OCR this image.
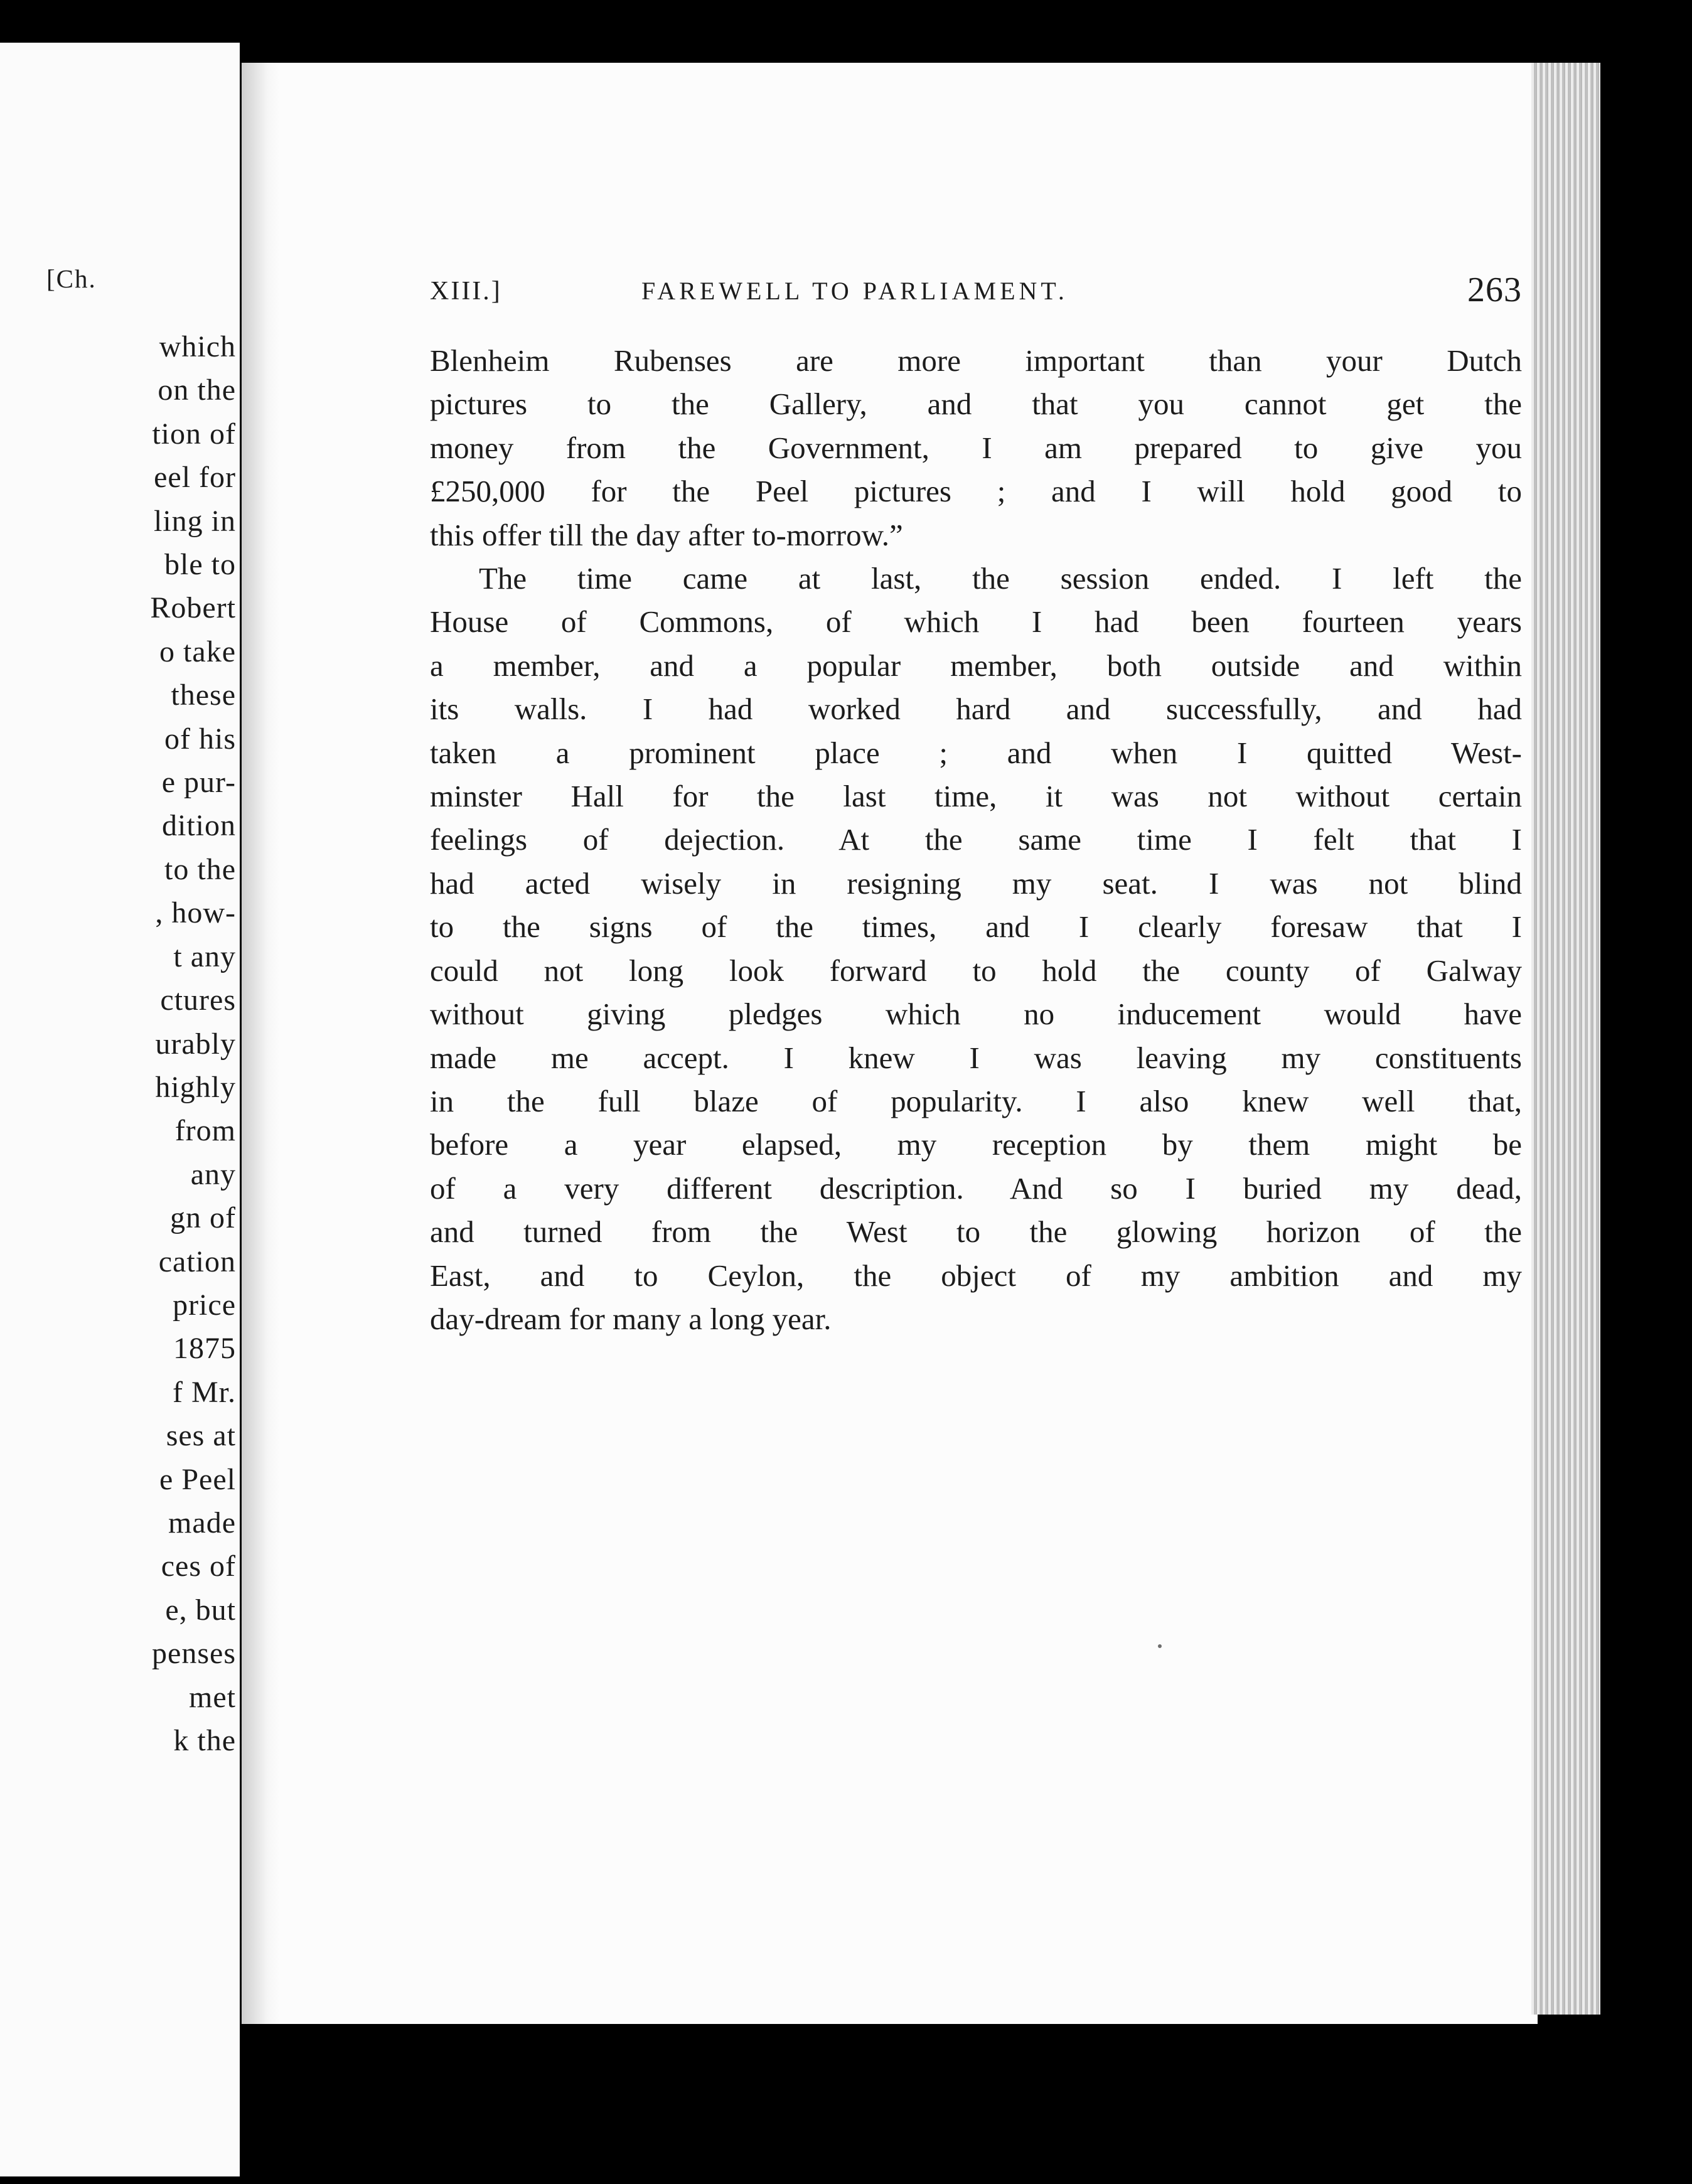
[Ch.
which
on the
tion of
eel for
ling in
ble to
Robert
o take
these
of his
e pur-
dition
to the
, how-
t any
ctures
urably
highly
from
any
gn of
cation
price
1875
f Mr.
ses at
e Peel
made
ces of
e, but
penses
met
k the
XIII.]	FAREWELL TO PARLIAMENT.	263

Blenheim Rubenses are more important than your Dutch
pictures to the Gallery, and that you cannot get the
money from the Government, I am prepared to give you
£250,000 for the Peel pictures ; and I will hold good to
this offer till the day after to-morrow.”

The time came at last, the session ended. I left the
House of Commons, of which I had been fourteen years
a member, and a popular member, both outside and within
its walls. I had worked hard and successfully, and had
taken a prominent place ; and when I quitted West-
minster Hall for the last time, it was not without certain
feelings of dejection. At the same time I felt that I
had acted wisely in resigning my seat. I was not blind
to the signs of the times, and I clearly foresaw that I
could not long look forward to hold the county of Galway
without giving pledges which no inducement would have
made me accept. I knew I was leaving my constituents
in the full blaze of popularity. I also knew well that,
before a year elapsed, my reception by them might be
of a very different description. And so I buried my dead,
and turned from the West to the glowing horizon of the
East, and to Ceylon, the object of my ambition and my
day-dream for many a long year.
